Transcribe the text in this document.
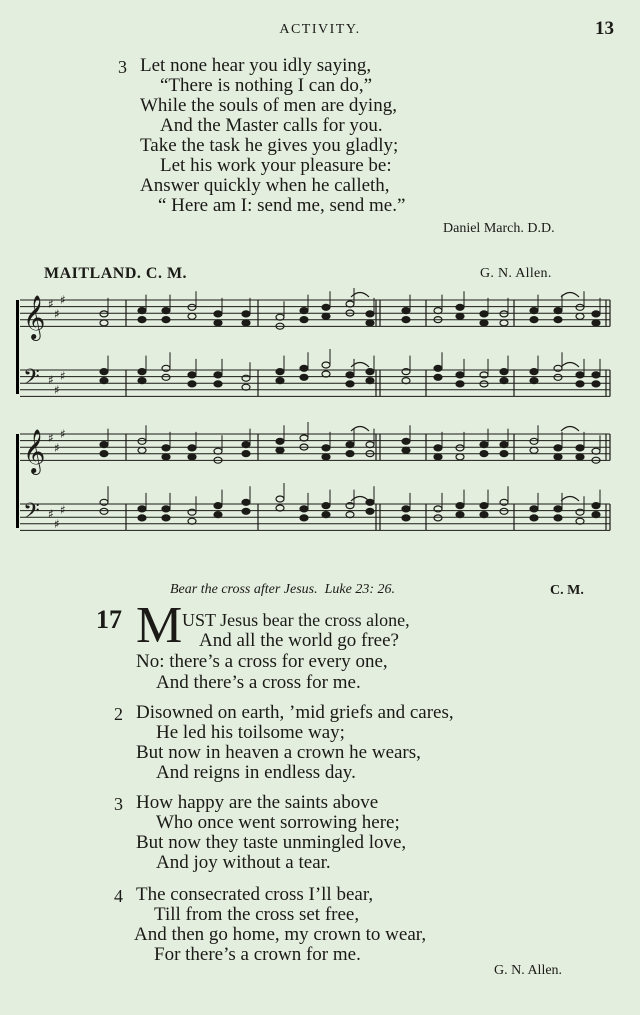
ACTIVITY.	13
3 Let none hear you idly saying,
“There is nothing I can do,”
While the souls of men are dying,
And the Master calls for you.
Take the task he gives you gladly;
Let his work your pleasure be:
Answer quickly when he calleth,
“ Here am I: send me, send me.”
Daniel March. D.D.
MAITLAND. C. M.	G. N. Allen.
𝄞 ♯
♯
♯
𝄢 ♯
♯
♯
𝄞 ♯
♯
♯
𝄢 ♯
♯
♯
Bear the cross after Jesus. Luke 23: 26.	C. M.
17 M UST Jesus bear the cross alone,
And all the world go free?
No: there’s a cross for every one,
And there’s a cross for me.
2 Disowned on earth, ’mid griefs and cares,
He led his toilsome way;
But now in heaven a crown he wears,
And reigns in endless day.
3 How happy are the saints above
Who once went sorrowing here;
But now they taste unmingled love,
And joy without a tear.
4 The consecrated cross I’ll bear,
Till from the cross set free,
And then go home, my crown to wear,
For there’s a crown for me.
G. N. Allen.
